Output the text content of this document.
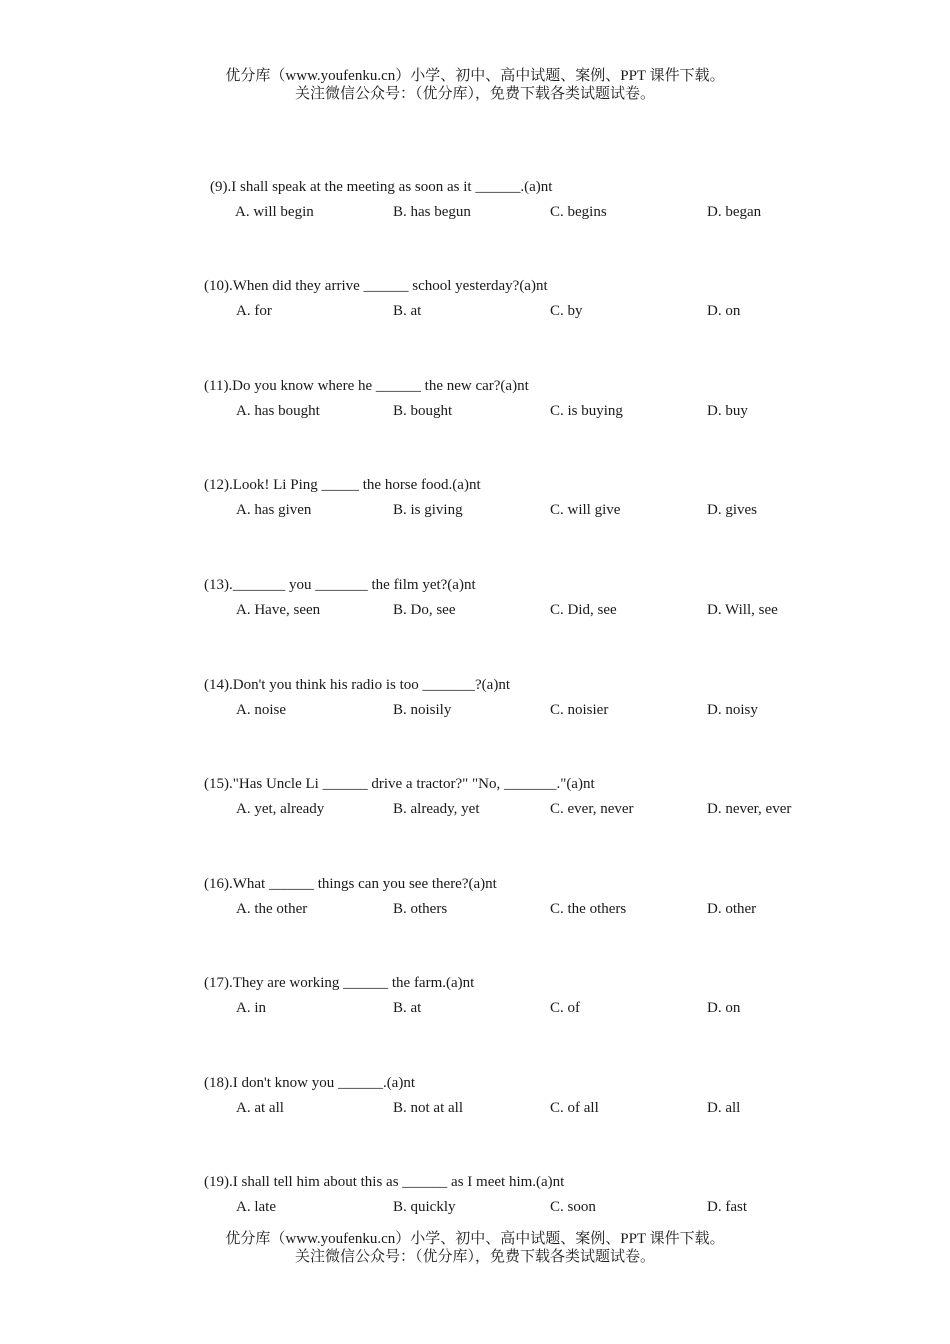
优分库（www.youfenku.cn）小学、初中、高中试题、案例、PPT 课件下载。
关注微信公众号：（优分库），免费下载各类试题试卷。
(9).I shall speak at the meeting as soon as it ______.(a)nt
A. will begin	B. has begun	C. begins	D. began
(10).When did they arrive ______ school yesterday?(a)nt
A. for	B. at	C. by	D. on
(11).Do you know where he ______ the new car?(a)nt
A. has bought	B. bought	C. is buying	D. buy
(12).Look! Li Ping _____ the horse food.(a)nt
A. has given	B. is giving	C. will give	D. gives
(13)._______ you _______ the film yet?(a)nt
A. Have, seen	B. Do, see	C. Did, see	D. Will, see
(14).Don't you think his radio is too _______?(a)nt
A. noise	B. noisily	C. noisier	D. noisy
(15)."Has Uncle Li ______ drive a tractor?" "No, _______."(a)nt
A. yet, already	B. already, yet	C. ever, never	D. never, ever
(16).What ______ things can you see there?(a)nt
A. the other	B. others	C. the others	D. other
(17).They are working ______ the farm.(a)nt
A. in	B. at	C. of	D. on
(18).I don't know you ______.(a)nt
A. at all	B. not at all	C. of all	D. all
(19).I shall tell him about this as ______ as I meet him.(a)nt
A. late	B. quickly	C. soon	D. fast
优分库（www.youfenku.cn）小学、初中、高中试题、案例、PPT 课件下载。
关注微信公众号：（优分库），免费下载各类试题试卷。
